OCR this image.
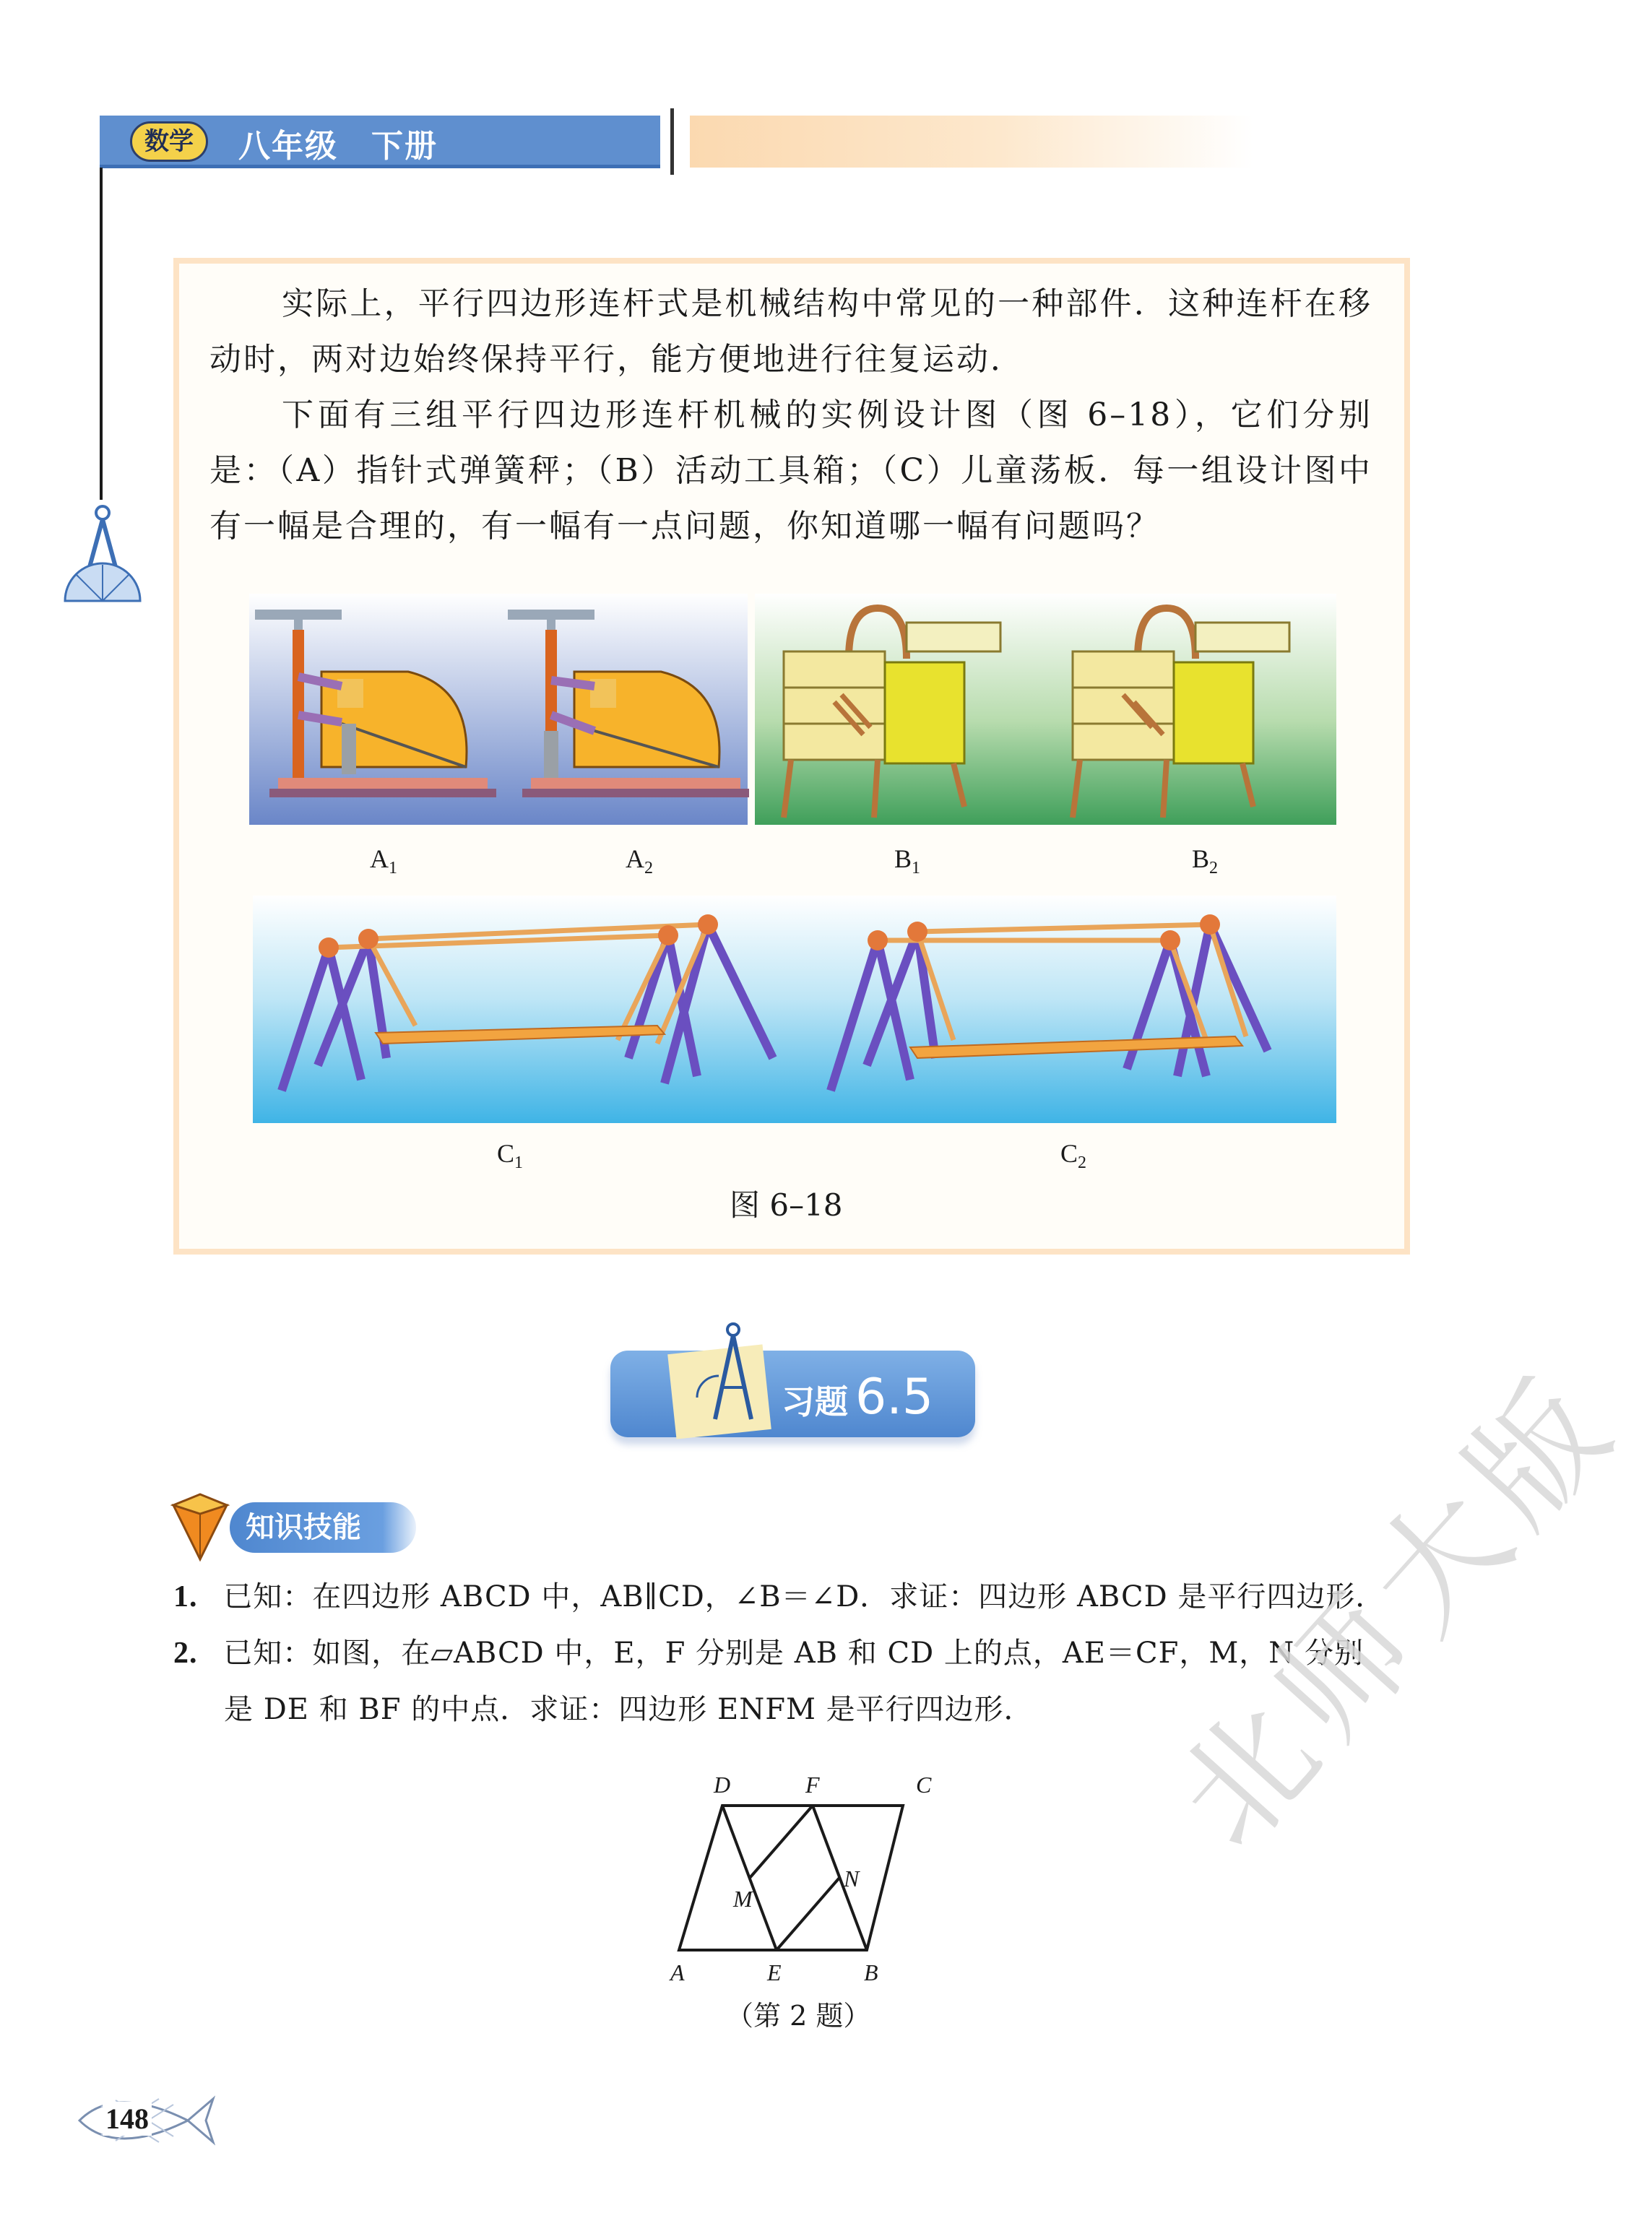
数学	八年级　下册
实际上，平行四边形连杆式是机械结构中常见的一种部件．这种连杆在移动时，两对边始终保持平行，能方便地进行往复运动．
下面有三组平行四边形连杆机械的实例设计图（图 6–18），它们分别是：（A）指针式弹簧秤；（B）活动工具箱；（C）儿童荡板．每一组设计图中有一幅是合理的，有一幅有一点问题，你知道哪一幅有问题吗？
$A_1$	$A_2$	$B_1$	$B_2$
$C_1$	$C_2$
图 6–18
习题 6.5
知识技能
1. 已知：在四边形 ABCD 中，AB∥CD，∠B＝∠D．求证：四边形 ABCD 是平行四边形．
2. 已知：如图，在▱ABCD 中，E，F 分别是 AB 和 CD 上的点，AE＝CF，M，N 分别
是 DE 和 BF 的中点．求证：四边形 ENFM 是平行四边形．
D	F	C
M
N
A	E	B
（第 2 题）
148
北师大版
